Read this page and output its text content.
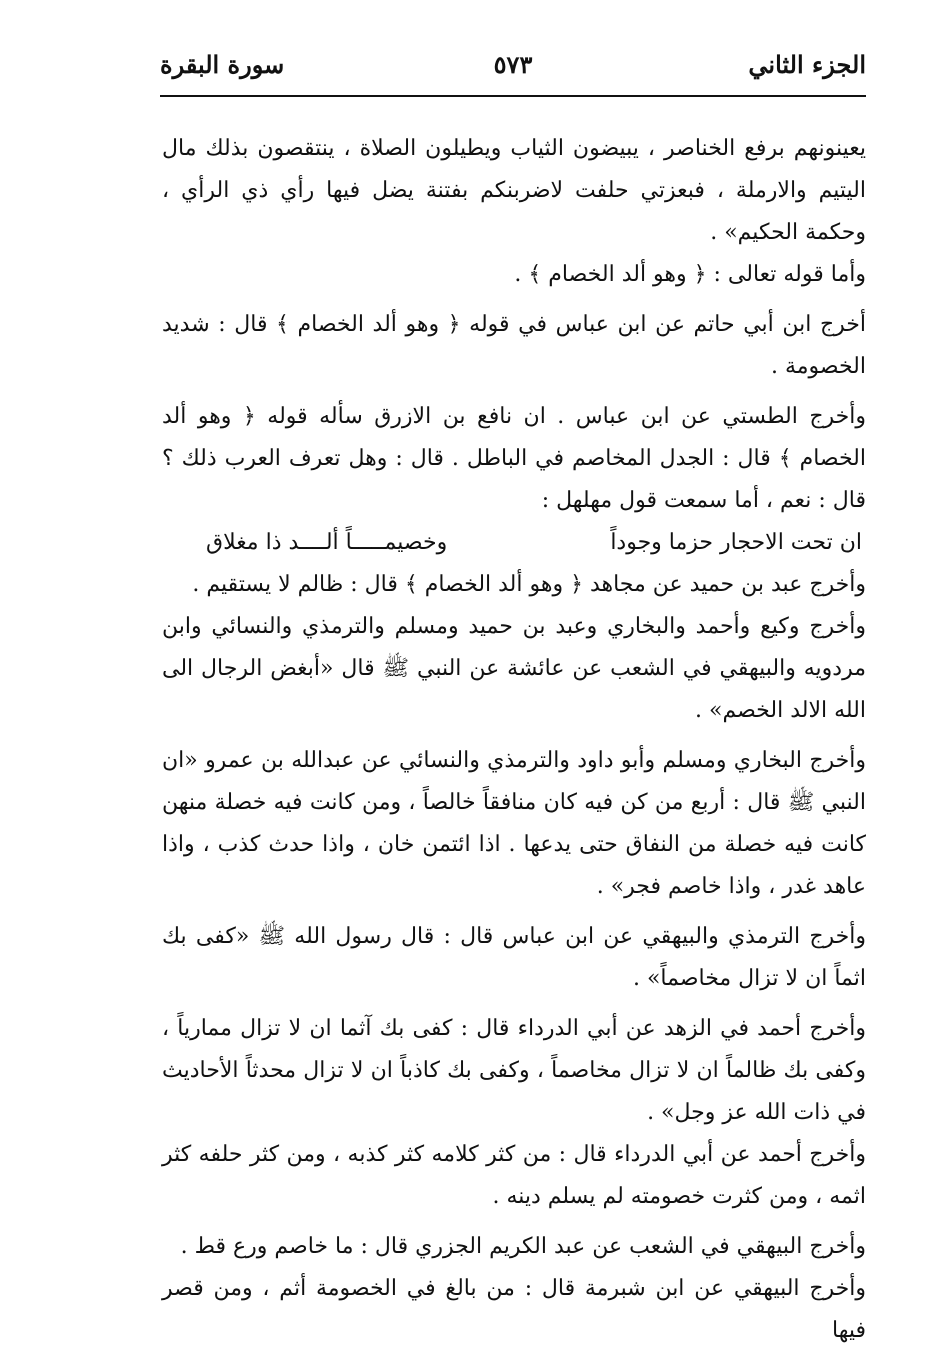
الجزء الثاني
٥٧٣
سورة البقرة

يعينونهم برفع الخناصر ، يبيضون الثياب ويطيلون الصلاة ، ينتقصون بذلك مال اليتيم والارملة ، فبعزتي حلفت لاضربنكم بفتنة يضل فيها رأي ذي الرأي ، وحكمة الحكيم» .

وأما قوله تعالى : ﴿ وهو ألد الخصام ﴾ .

أخرج ابن أبي حاتم عن ابن عباس في قوله ﴿ وهو ألد الخصام ﴾ قال : شديد الخصومة .

وأخرج الطستي عن ابن عباس . ان نافع بن الازرق سأله قوله ﴿ وهو ألد الخصام ﴾ قال : الجدل المخاصم في الباطل . قال : وهل تعرف العرب ذلك ؟ قال : نعم ، أما سمعت قول مهلهل :

ان تحت الاحجار حزما وجوداً
وخصيمـــــاً ألــــد ذا مغلاق

وأخرج عبد بن حميد عن مجاهد ﴿ وهو ألد الخصام ﴾ قال : ظالم لا يستقيم .

وأخرج وكيع وأحمد والبخاري وعبد بن حميد ومسلم والترمذي والنسائي وابن مردويه والبيهقي في الشعب عن عائشة عن النبي ﷺ قال «أبغض الرجال الى الله الالد الخصم» .

وأخرج البخاري ومسلم وأبو داود والترمذي والنسائي عن عبدالله بن عمرو «ان النبي ﷺ قال : أربع من كن فيه كان منافقاً خالصاً ، ومن كانت فيه خصلة منهن كانت فيه خصلة من النفاق حتى يدعها . اذا ائتمن خان ، واذا حدث كذب ، واذا عاهد غدر ، واذا خاصم فجر» .

وأخرج الترمذي والبيهقي عن ابن عباس قال : قال رسول الله ﷺ «كفى بك اثماً ان لا تزال مخاصماً» .

وأخرج أحمد في الزهد عن أبي الدرداء قال : كفى بك آثما ان لا تزال ممارياً ، وكفى بك ظالماً ان لا تزال مخاصماً ، وكفى بك كاذباً ان لا تزال محدثاً الأحاديث في ذات الله عز وجل» .

وأخرج أحمد عن أبي الدرداء قال : من كثر كلامه كثر كذبه ، ومن كثر حلفه كثر اثمه ، ومن كثرت خصومته لم يسلم دينه .

وأخرج البيهقي في الشعب عن عبد الكريم الجزري قال : ما خاصم ورع قط .

وأخرج البيهقي عن ابن شبرمة قال : من بالغ في الخصومة أثم ، ومن قصر فيها
